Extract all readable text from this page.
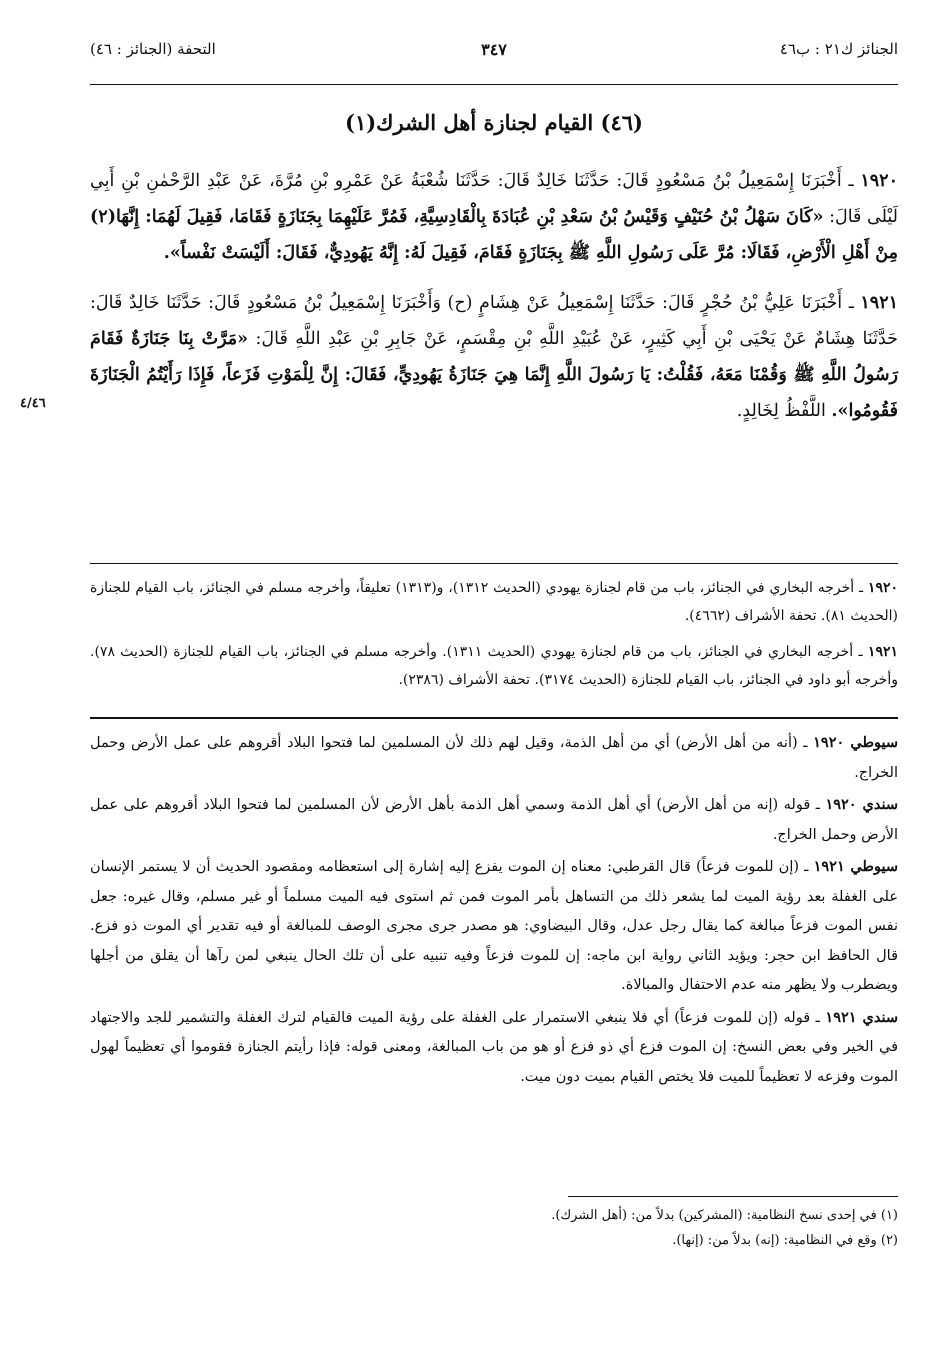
الجنائز ك٢١ : ب٤٦
٣٤٧
التحفة (الجنائز : ٤٦)
(٤٦) القيام لجنازة أهل الشرك(١)
٤/٤٦

١٩٢٠ ـ أَخْبَرَنَا إِسْمَعِيلُ بْنُ مَسْعُودٍ قَالَ: حَدَّثَنَا خَالِدٌ قَالَ: حَدَّثَنَا شُعْبَةُ عَنْ عَمْرِو بْنِ مُرَّةَ، عَنْ عَبْدِ الرَّحْمٰنِ بْنِ أَبِي لَيْلَى قَالَ: «كَانَ سَهْلُ بْنُ حُنَيْفٍ وَقَيْسُ بْنُ سَعْدِ بْنِ عُبَادَةَ بِالْقَادِسِيَّةِ، فَمُرَّ عَلَيْهِمَا بِجَنَازَةٍ فَقَامَا، فَقِيلَ لَهُمَا: إِنَّهَا(٢) مِنْ أَهْلِ الْأَرْضِ، فَقَالَا: مُرَّ عَلَى رَسُولِ اللَّهِ ﷺ بِجَنَازَةٍ فَقَامَ، فَقِيلَ لَهُ: إِنَّهُ يَهُودِيٌّ، فَقَالَ: أَلَيْسَتْ نَفْساً».

١٩٢١ ـ أَخْبَرَنَا عَلِيُّ بْنُ حُجْرٍ قَالَ: حَدَّثَنَا إِسْمَعِيلُ عَنْ هِشَامٍ (ح) وَأَخْبَرَنَا إِسْمَعِيلُ بْنُ مَسْعُودٍ قَالَ: حَدَّثَنَا خَالِدٌ قَالَ: حَدَّثَنَا هِشَامٌ عَنْ يَحْيَى بْنِ أَبِي كَثِيرٍ، عَنْ عُبَيْدِ اللَّهِ بْنِ مِقْسَمٍ، عَنْ جَابِرِ بْنِ عَبْدِ اللَّهِ قَالَ: «مَرَّتْ بِنَا جَنَازَةٌ فَقَامَ رَسُولُ اللَّهِ ﷺ وَقُمْنَا مَعَهُ، فَقُلْتُ: يَا رَسُولَ اللَّهِ إِنَّمَا هِيَ جَنَازَةُ يَهُودِيٍّ، فَقَالَ: إِنَّ لِلْمَوْتِ فَزَعاً، فَإِذَا رَأَيْتُمُ الْجَنَازَةَ فَقُومُوا». اللَّفْظُ لِخَالِدٍ.

١٩٢٠ ـ أخرجه البخاري في الجنائز، باب من قام لجنازة يهودي (الحديث ١٣١٢)، و(١٣١٣) تعليقاً، وأخرجه مسلم في الجنائز، باب القيام للجنازة (الحديث ٨١). تحفة الأشراف (٤٦٦٢).

١٩٢١ ـ أخرجه البخاري في الجنائز، باب من قام لجنازة يهودي (الحديث ١٣١١). وأخرجه مسلم في الجنائز، باب القيام للجنازة (الحديث ٧٨). وأخرجه أبو داود في الجنائز، باب القيام للجنازة (الحديث ٣١٧٤). تحفة الأشراف (٢٣٨٦).

سيوطي ١٩٢٠ ـ (أنه من أهل الأرض) أي من أهل الذمة، وقيل لهم ذلك لأن المسلمين لما فتحوا البلاد أقروهم على عمل الأرض وحمل الخراج.

سندي ١٩٢٠ ـ قوله (إنه من أهل الأرض) أي أهل الذمة وسمي أهل الذمة بأهل الأرض لأن المسلمين لما فتحوا البلاد أقروهم على عمل الأرض وحمل الخراج.

سيوطي ١٩٢١ ـ (إن للموت فزعاً) قال القرطبي: معناه إن الموت يفزع إليه إشارة إلى استعظامه ومقصود الحديث أن لا يستمر الإنسان على الغفلة بعد رؤية الميت لما يشعر ذلك من التساهل بأمر الموت فمن ثم استوى فيه الميت مسلماً أو غير مسلم، وقال غيره: جعل نفس الموت فزعاً مبالغة كما يقال رجل عدل، وقال البيضاوي: هو مصدر جرى مجرى الوصف للمبالغة أو فيه تقدير أي الموت ذو فزع. قال الحافظ ابن حجر: ويؤيد الثاني رواية ابن ماجه: إن للموت فزعاً وفيه تنبيه على أن تلك الحال ينبغي لمن رآها أن يقلق من أجلها ويضطرب ولا يظهر منه عدم الاحتفال والمبالاة.

سندي ١٩٢١ ـ قوله (إن للموت فزعاً) أي فلا ينبغي الاستمرار على الغفلة على رؤية الميت فالقيام لترك الغفلة والتشمير للجد والاجتهاد في الخير وفي بعض النسخ: إن الموت فزع أي ذو فزع أو هو من باب المبالغة، ومعنى قوله: فإذا رأيتم الجنازة فقوموا أي تعظيماً لهول الموت وفزعه لا تعظيماً للميت فلا يختص القيام بميت دون ميت.

(١) في إحدى نسخ النظامية: (المشركين) بدلاً من: (أهل الشرك).

(٢) وقع في النظامية: (إنه) بدلاً من: (إنها).
